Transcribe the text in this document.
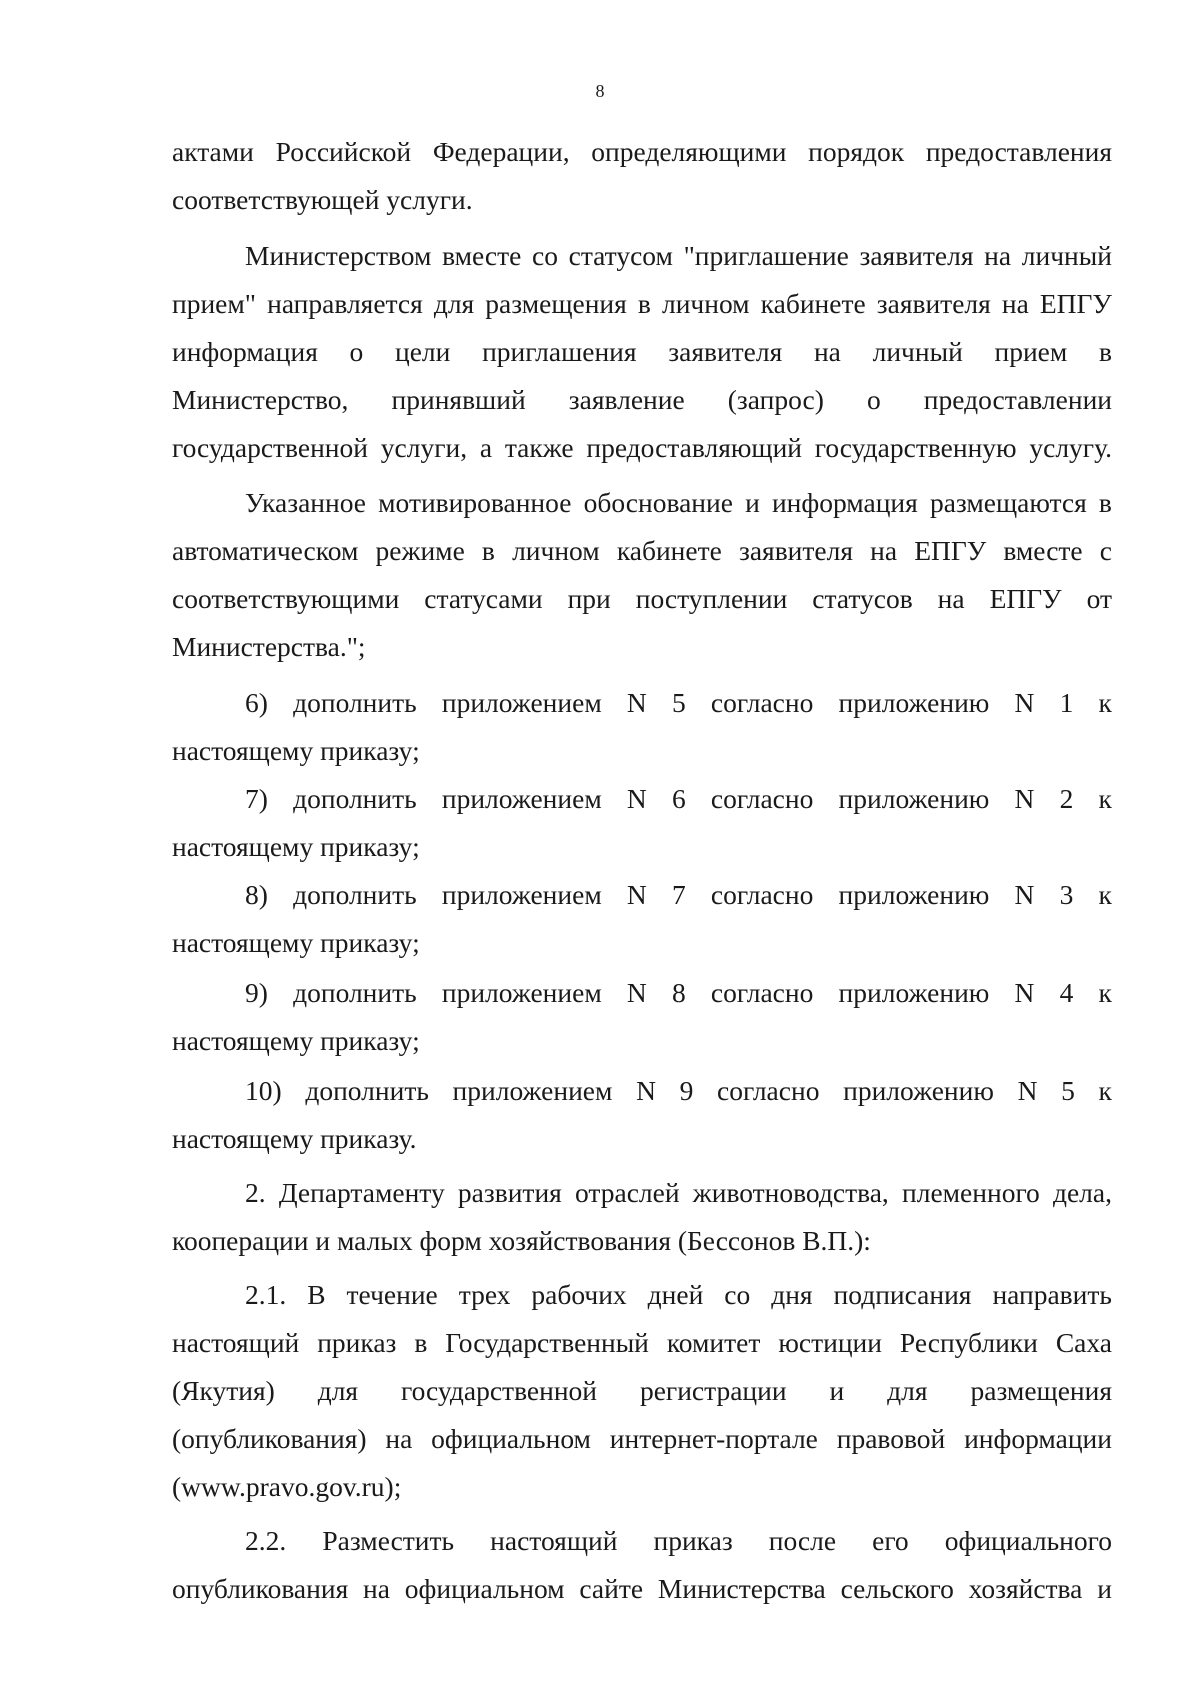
8
актами Российской Федерации, определяющими порядок предоставления
соответствующей услуги.
Министерством вместе со статусом "приглашение заявителя на личный
прием" направляется для размещения в личном кабинете заявителя на ЕПГУ
информация о цели приглашения заявителя на личный прием в
Министерство, принявший заявление (запрос) о предоставлении
государственной услуги, а также предоставляющий государственную услугу.
Указанное мотивированное обоснование и информация размещаются в
автоматическом режиме в личном кабинете заявителя на ЕПГУ вместе с
соответствующими статусами при поступлении статусов на ЕПГУ от
Министерства.";
6) дополнить приложением N 5 согласно приложению N 1 к
настоящему приказу;
7) дополнить приложением N 6 согласно приложению N 2 к
настоящему приказу;
8) дополнить приложением N 7 согласно приложению N 3 к
настоящему приказу;
9) дополнить приложением N 8 согласно приложению N 4 к
настоящему приказу;
10) дополнить приложением N 9 согласно приложению N 5 к
настоящему приказу.
2. Департаменту развития отраслей животноводства, племенного дела,
кооперации и малых форм хозяйствования (Бессонов В.П.):
2.1. В течение трех рабочих дней со дня подписания направить
настоящий приказ в Государственный комитет юстиции Республики Саха
(Якутия) для государственной регистрации и для размещения
(опубликования) на официальном интернет-портале правовой информации
(www.pravo.gov.ru);
2.2. Разместить настоящий приказ после его официального
опубликования на официальном сайте Министерства сельского хозяйства и
